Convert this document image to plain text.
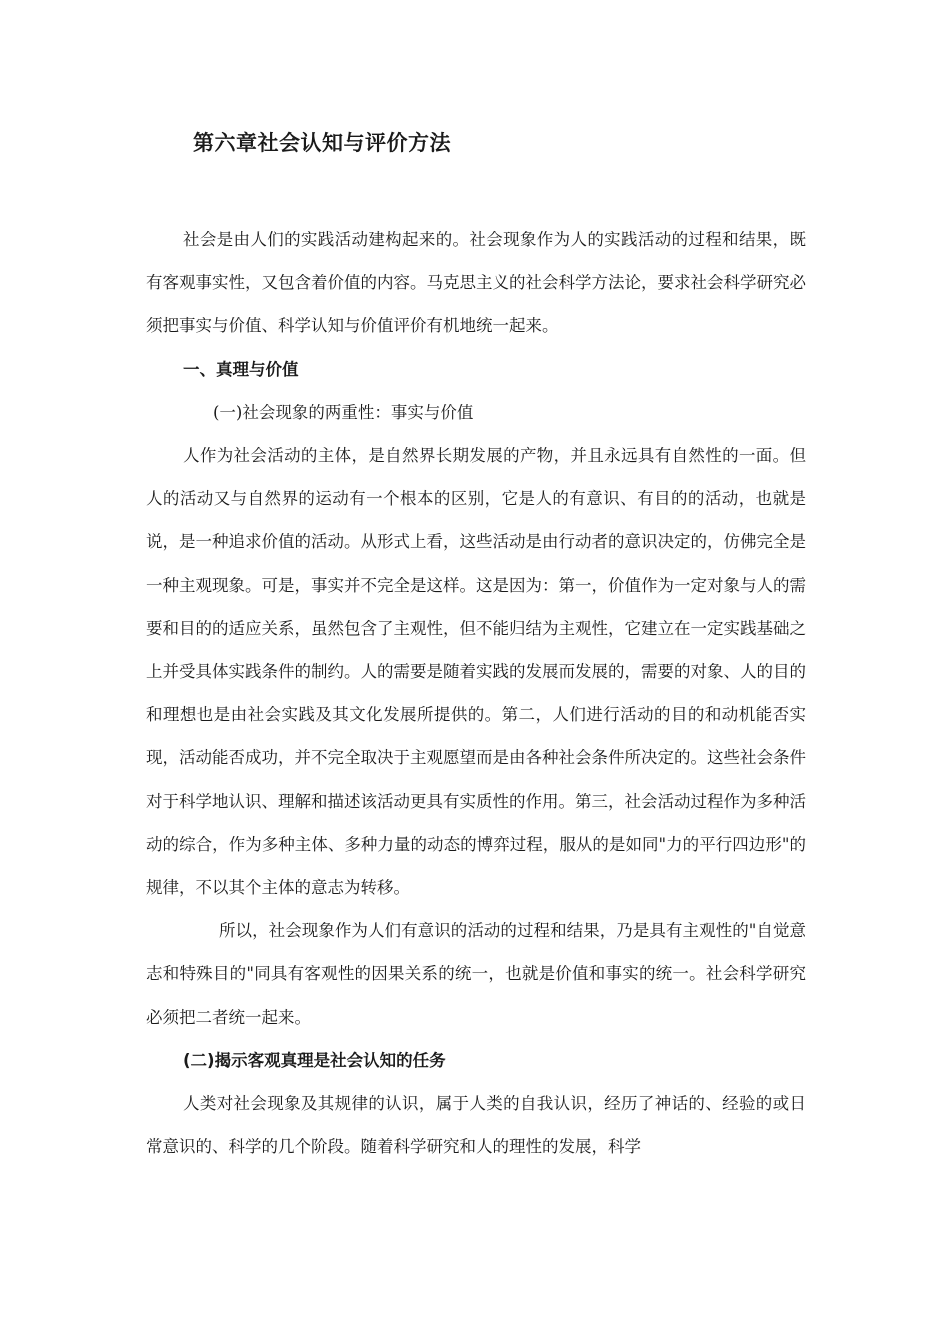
第六章社会认知与评价方法

社会是由人们的实践活动建构起来的。社会现象作为人的实践活动的过程和结果，既有客观事实性，又包含着价值的内容。马克思主义的社会科学方法论，要求社会科学研究必须把事实与价值、科学认知与价值评价有机地统一起来。

一、真理与价值

(一)社会现象的两重性：事实与价值

人作为社会活动的主体，是自然界长期发展的产物，并且永远具有自然性的一面。但人的活动又与自然界的运动有一个根本的区别，它是人的有意识、有目的的活动，也就是说，是一种追求价值的活动。从形式上看，这些活动是由行动者的意识决定的，仿佛完全是一种主观现象。可是，事实并不完全是这样。这是因为：第一，价值作为一定对象与人的需要和目的的适应关系，虽然包含了主观性，但不能归结为主观性，它建立在一定实践基础之上并受具体实践条件的制约。人的需要是随着实践的发展而发展的，需要的对象、人的目的和理想也是由社会实践及其文化发展所提供的。第二，人们进行活动的目的和动机能否实现，活动能否成功，并不完全取决于主观愿望而是由各种社会条件所决定的。这些社会条件对于科学地认识、理解和描述该活动更具有实质性的作用。第三，社会活动过程作为多种活动的综合，作为多种主体、多种力量的动态的博弈过程，服从的是如同"力的平行四边形"的规律，不以其个主体的意志为转移。

所以，社会现象作为人们有意识的活动的过程和结果，乃是具有主观性的"自觉意志和特殊目的"同具有客观性的因果关系的统一，也就是价值和事实的统一。社会科学研究必须把二者统一起来。

(二)揭示客观真理是社会认知的任务

人类对社会现象及其规律的认识，属于人类的自我认识，经历了神话的、经验的或日常意识的、科学的几个阶段。随着科学研究和人的理性的发展，科学
